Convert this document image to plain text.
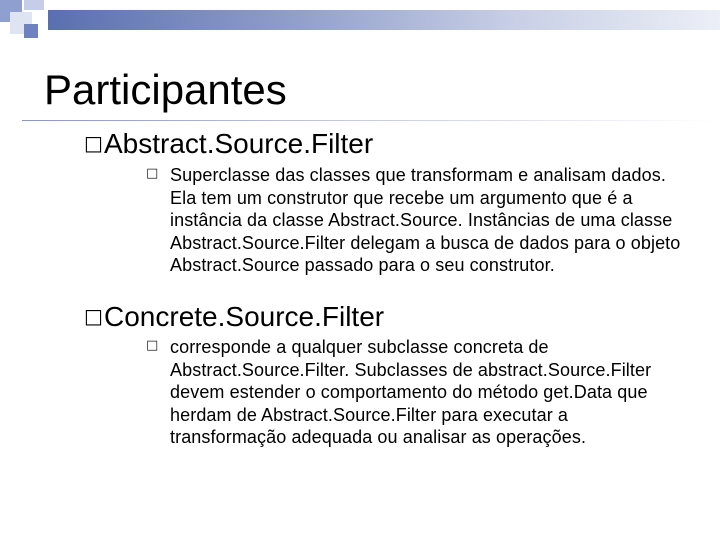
Participantes
□Abstract.Source.Filter
□ Superclasse das classes que transformam e analisam dados. Ela tem um construtor que recebe um argumento que é a instância da classe Abstract.Source. Instâncias de uma classe Abstract.Source.Filter delegam a busca de dados para o objeto Abstract.Source passado para o seu construtor.
□Concrete.Source.Filter
□ corresponde a qualquer subclasse concreta de Abstract.Source.Filter. Subclasses de abstract.Source.Filter devem estender o comportamento do método get.Data que herdam de Abstract.Source.Filter para executar a transformação adequada ou analisar as operações.
